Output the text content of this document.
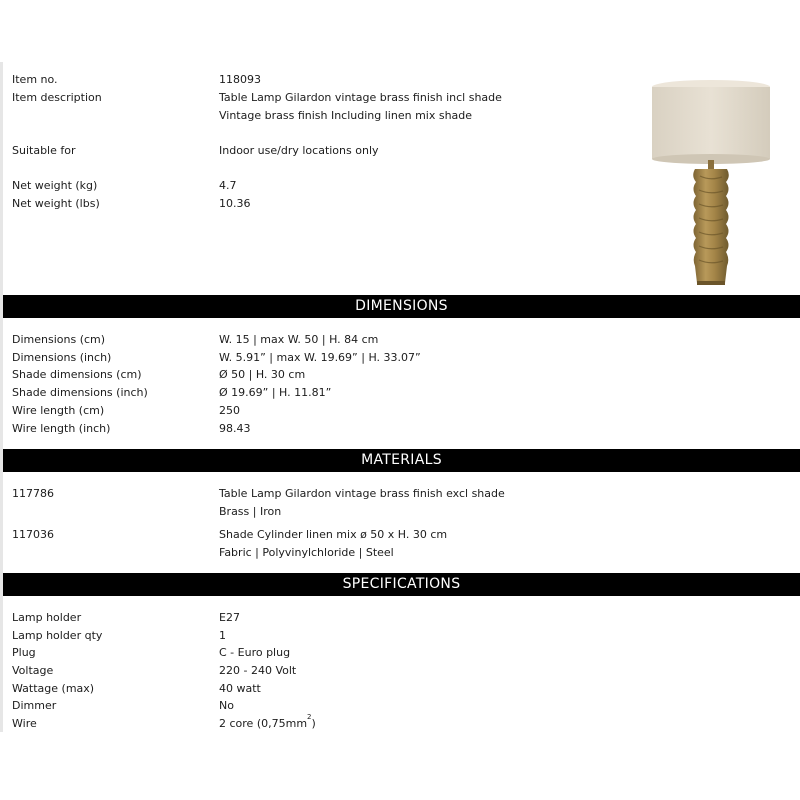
Item no.	118093
Item description	Table Lamp Gilardon vintage brass finish incl shade
Vintage brass finish Including linen mix shade
Suitable for	Indoor use/dry locations only
Net weight (kg)	4.7
Net weight (lbs)	10.36
DIMENSIONS
Dimensions (cm)	W. 15 | max W. 50 | H. 84 cm
Dimensions (inch)	W. 5.91” | max W. 19.69” | H. 33.07”
Shade dimensions (cm)	Ø 50 | H. 30 cm
Shade dimensions (inch)	Ø 19.69” | H. 11.81”
Wire length (cm)	250
Wire length (inch)	98.43
MATERIALS
117786	Table Lamp Gilardon vintage brass finish excl shade
Brass | Iron
117036	Shade Cylinder linen mix ø 50 x H. 30 cm
Fabric | Polyvinylchloride | Steel
SPECIFICATIONS
Lamp holder	E27
Lamp holder qty	1
Plug	C - Euro plug
Voltage	220 - 240 Volt
Wattage (max)	40 watt
Dimmer	No
Wire	2 core $(0,75mm^2)$
